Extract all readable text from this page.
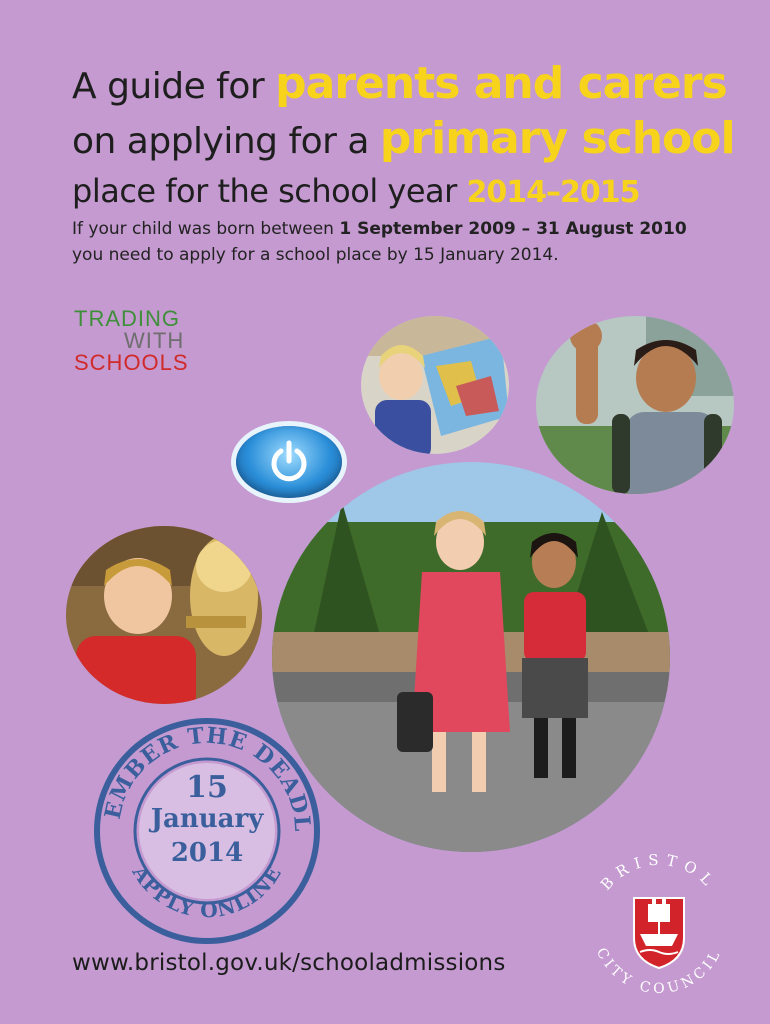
A guide for parents and carers
on applying for a primary school
place for the school year 2014–2015
If your child was born between 1 September 2009 – 31 August 2010
you need to apply for a school place by 15 January 2014.
TRADING
WITH
SCHOOLS
EMBER THE DEADL
APPLY ONLINE
15
January
2014
BRISTOL
CITY COUNCIL
www.bristol.gov.uk/schooladmissions
